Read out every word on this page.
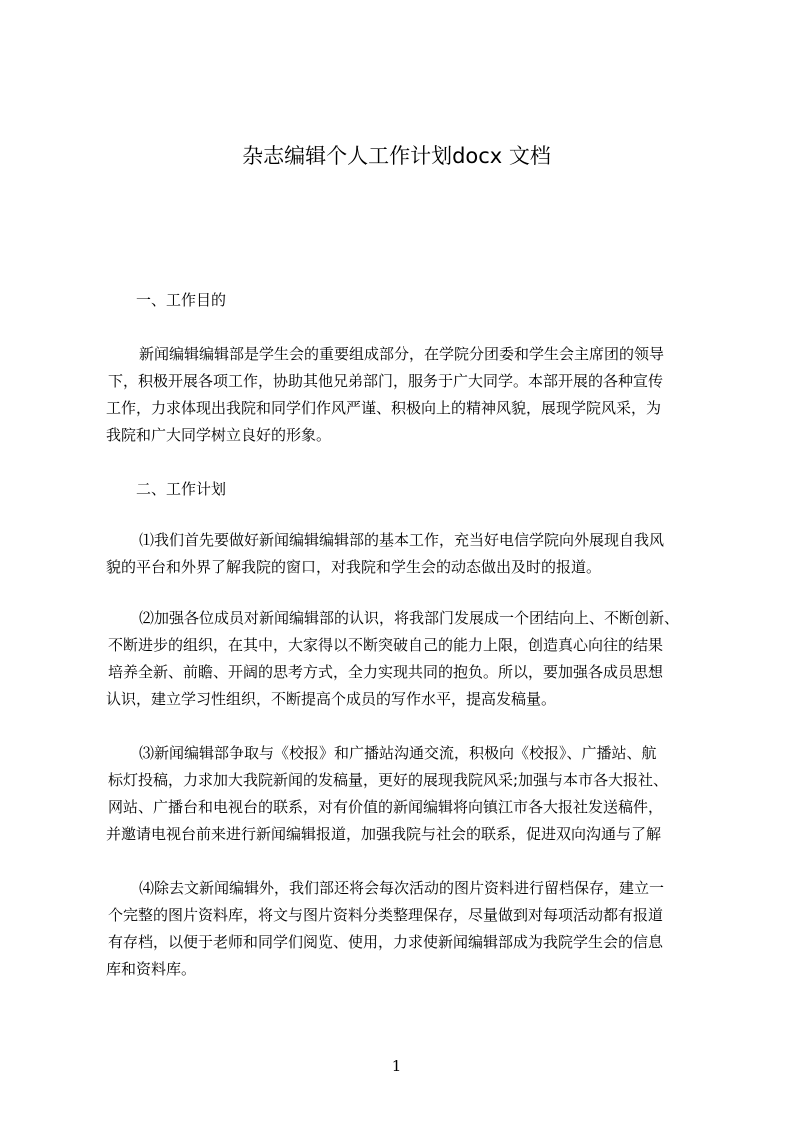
杂志编辑个人工作计划docx 文档
一、工作目的

新闻编辑编辑部是学生会的重要组成部分，在学院分团委和学生会主席团的领导

下，积极开展各项工作，协助其他兄弟部门，服务于广大同学。本部开展的各种宣传

工作，力求体现出我院和同学们作风严谨、积极向上的精神风貌，展现学院风采，为

我院和广大同学树立良好的形象。

二、工作计划

⑴我们首先要做好新闻编辑编辑部的基本工作，充当好电信学院向外展现自我风

貌的平台和外界了解我院的窗口，对我院和学生会的动态做出及时的报道。

⑵加强各位成员对新闻编辑部的认识，将我部门发展成一个团结向上、不断创新、

不断进步的组织，在其中，大家得以不断突破自己的能力上限，创造真心向往的结果

培养全新、前瞻、开阔的思考方式，全力实现共同的抱负。所以，要加强各成员思想

认识，建立学习性组织，不断提高个成员的写作水平，提高发稿量。

⑶新闻编辑部争取与《校报》和广播站沟通交流，积极向《校报》、广播站、航

标灯投稿，力求加大我院新闻的发稿量，更好的展现我院风采;加强与本市各大报社、

网站、广播台和电视台的联系，对有价值的新闻编辑将向镇江市各大报社发送稿件，

并邀请电视台前来进行新闻编辑报道，加强我院与社会的联系，促进双向沟通与了解

⑷除去文新闻编辑外，我们部还将会每次活动的图片资料进行留档保存，建立一

个完整的图片资料库，将文与图片资料分类整理保存，尽量做到对每项活动都有报道

有存档，以便于老师和同学们阅览、使用，力求使新闻编辑部成为我院学生会的信息

库和资料库。

1
